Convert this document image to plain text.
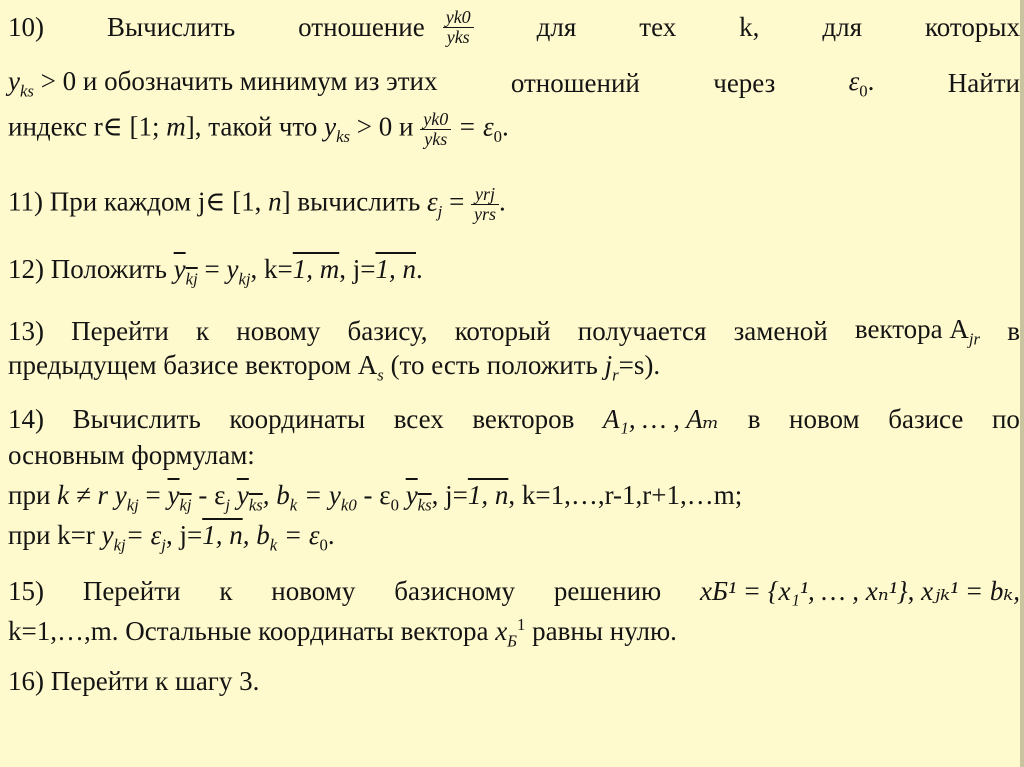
10) Вычислить отношение $\frac{yk0}{\text{yks}}$ для тех k, для которых
$y_{ks} > 0$ и обозначить минимум из этих	отношений	через	$\varepsilon_0$.	Найти
индекс r∈ [1; m], такой что $y_{ks} > 0$ и $\frac{yk0}{\text{yks}} = \varepsilon_0$.
11) При каждом j∈ [1, n] вычислить $\varepsilon_j = \frac{\text{yrj}}{\text{yrs}}$ .
12) Положить $y_{kj} = y_{kj}$, k=1, m, j=1, n.
13) Перейти к новому базису, который получается заменой вектора $A_{jr}$ в
предыдущем базисе вектором $A_s$ (то есть положить $j_r=s$).
14) Вычислить координаты всех векторов A₁, … , Aₘ в новом базисе по
основным формулам:
при k ≠ r $y_{kj} = y_{kj} - \varepsilon_j$ $y_{ks}$, $b_k = y_{k0} - \varepsilon_0$ $y_{ks}$, j=1, n, k=1,…,r-1,r+1,…m;
при k=r $y_{kj}= \varepsilon_j$, j=1, n, $b_k = \varepsilon_0$.
15) Перейти к новому базисному решению xБ¹ = {x₁¹, … , xₙ¹}, xⱼₖ¹ = bₖ,
k=1,…,m. Остальные координаты вектора $x_Б^1$ равны нулю.
16) Перейти к шагу 3.
